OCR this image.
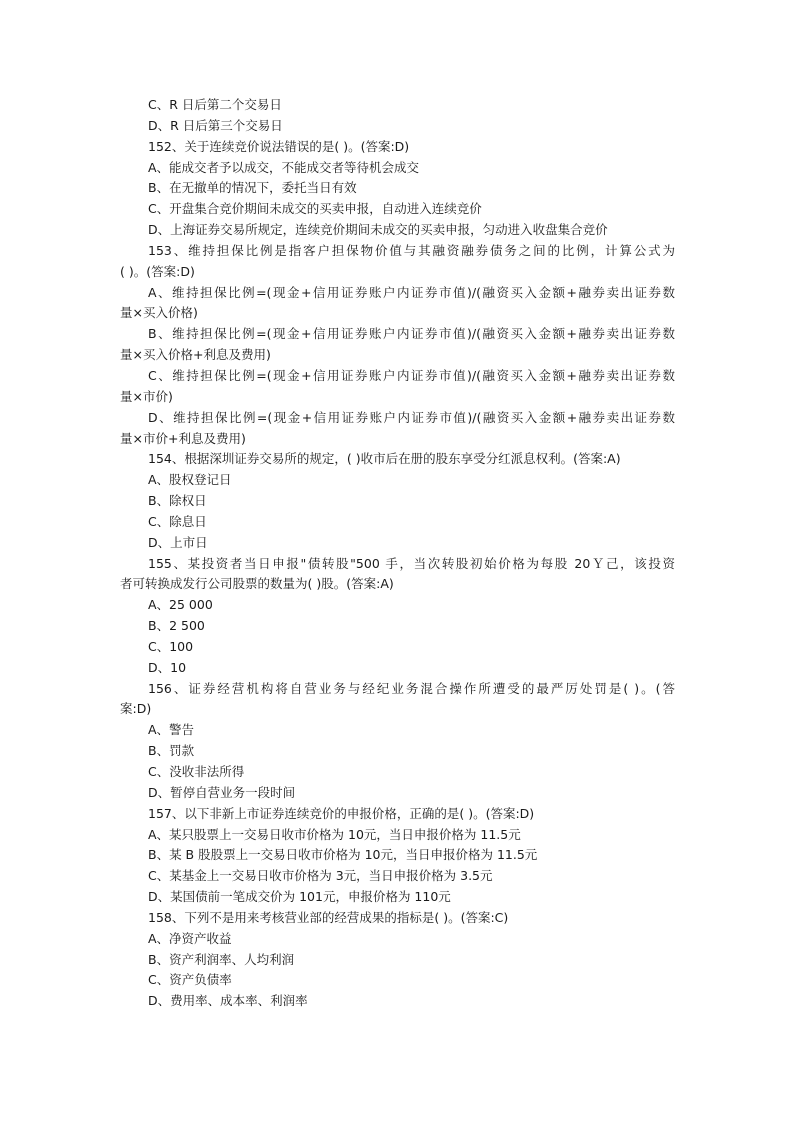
C、R 日后第二个交易日
D、R 日后第三个交易日
152、关于连续竞价说法错误的是( )。(答案:D)
A、能成交者予以成交，不能成交者等待机会成交
B、在无撤单的情况下，委托当日有效
C、开盘集合竞价期间未成交的买卖申报，自动进入连续竞价
D、上海证券交易所规定，连续竞价期间未成交的买卖申报，匀动进入收盘集合竞价
153、维持担保比例是指客户担保物价值与其融资融券债务之间的比例，计算公式为
( )。(答案:D)
A、维持担保比例=(现金+信用证券账户内证券市值)/(融资买入金额+融券卖出证券数
量×买入价格)
B、维持担保比例=(现金+信用证券账户内证券市值)/(融资买入金额+融券卖出证券数
量×买入价格+利息及费用)
C、维持担保比例=(现金+信用证券账户内证券市值)/(融资买入金额+融券卖出证券数
量×市价)
D、维持担保比例=(现金+信用证券账户内证券市值)/(融资买入金额+融券卖出证券数
量×市价+利息及费用)
154、根据深圳证券交易所的规定，( )收市后在册的股东享受分红派息权利。(答案:A)
A、股权登记日
B、除权日
C、除息日
D、上市日
155、某投资者当日申报"债转股"500 手，当次转股初始价格为每股 20Ｙ己，该投资
者可转换成发行公司股票的数量为( )股。(答案:A)
A、25 000
B、2 500
C、100
D、10
156、证券经营机构将自营业务与经纪业务混合操作所遭受的最严厉处罚是( )。(答
案:D)
A、警告
B、罚款
C、没收非法所得
D、暂停自营业务一段时间
157、以下非新上市证券连续竞价的申报价格，正确的是( )。(答案:D)
A、某只股票上一交易日收市价格为 10元，当日申报价格为 11.5元
B、某 B 股股票上一交易日收市价格为 10元，当日申报价格为 11.5元
C、某基金上一交易日收市价格为 3元，当日申报价格为 3.5元
D、某国债前一笔成交价为 101元，申报价格为 110元
158、下列不是用来考核营业部的经营成果的指标是( )。(答案:C)
A、净资产收益
B、资产利润率、人均利润
C、资产负债率
D、费用率、成本率、利润率
